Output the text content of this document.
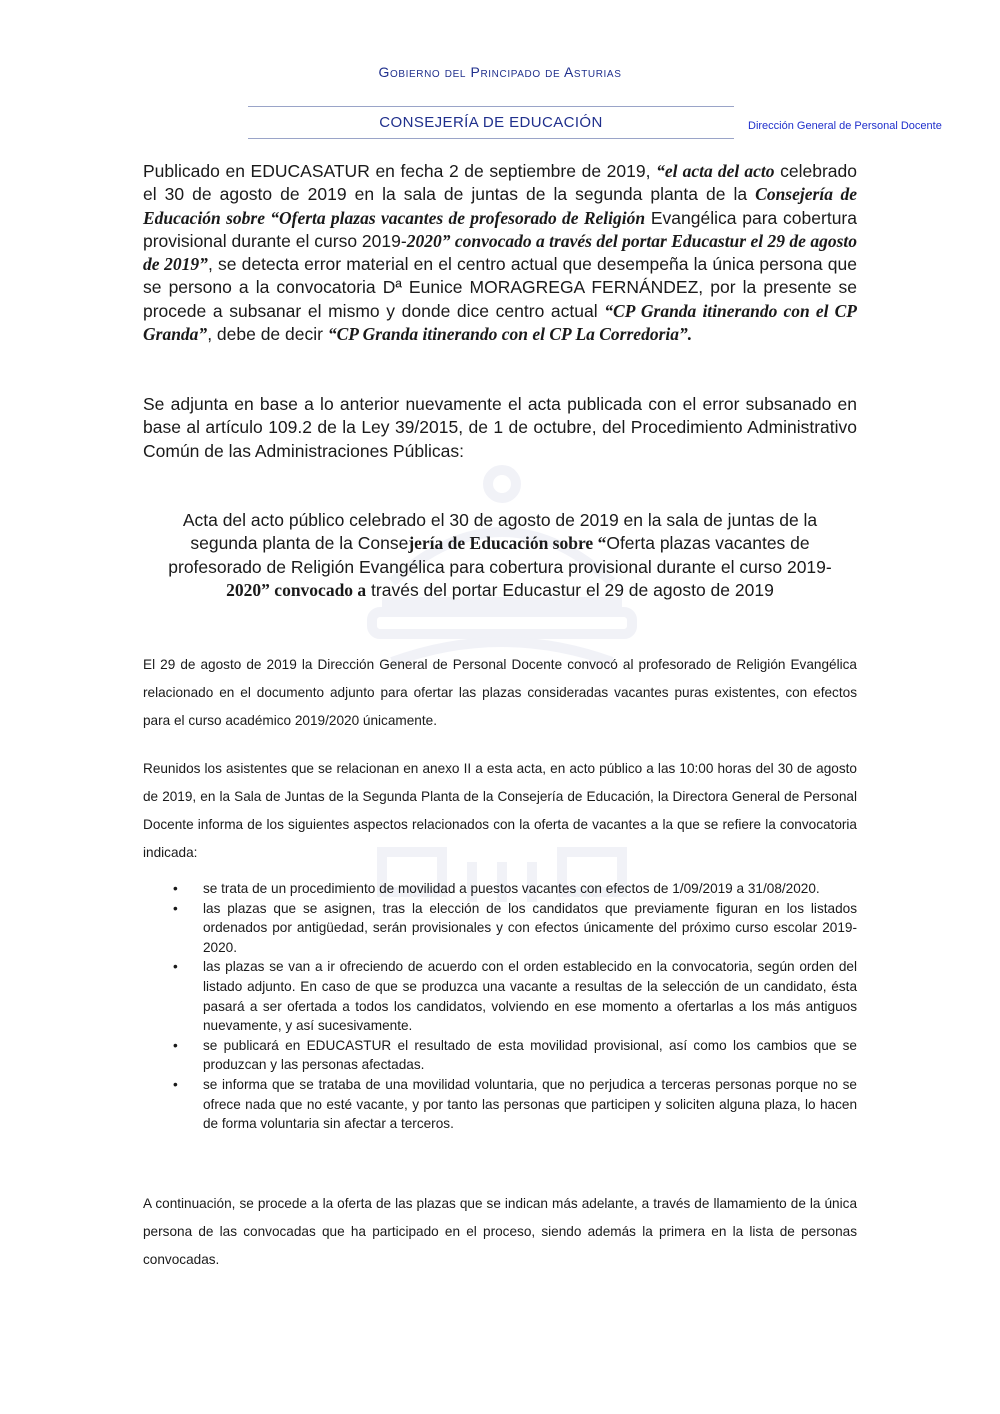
Gobierno del Principado de Asturias
CONSEJERÍA DE EDUCACIÓN	Dirección General de Personal Docente
Publicado en EDUCASATUR en fecha 2 de septiembre de 2019, “el acta del acto celebrado el 30 de agosto de 2019 en la sala de juntas de la segunda planta de la Consejería de Educación sobre “Oferta plazas vacantes de profesorado de Religión Evangélica para cobertura provisional durante el curso 2019-2020” convocado a través del portar Educastur el 29 de agosto de 2019”, se detecta error material en el centro actual que desempeña la única persona que se persono a la convocatoria Dª Eunice MORAGREGA FERNÁNDEZ, por la presente se procede a subsanar el mismo y donde dice centro actual “CP Granda itinerando con el CP Granda”, debe de decir “CP Granda itinerando con el CP La Corredoria”.
Se adjunta en base a lo anterior nuevamente el acta publicada con el error subsanado en base al artículo 109.2 de la Ley 39/2015, de 1 de octubre, del Procedimiento Administrativo Común de las Administraciones Públicas:
Acta del acto público celebrado el 30 de agosto de 2019 en la sala de juntas de la segunda planta de la Consejería de Educación sobre “Oferta plazas vacantes de profesorado de Religión Evangélica para cobertura provisional durante el curso 2019-2020” convocado a través del portar Educastur el 29 de agosto de 2019
El 29 de agosto de 2019 la Dirección General de Personal Docente convocó al profesorado de Religión Evangélica relacionado en el documento adjunto para ofertar las plazas consideradas vacantes puras existentes, con efectos para el curso académico 2019/2020 únicamente.
Reunidos los asistentes que se relacionan en anexo II a esta acta, en acto público a las 10:00 horas del 30 de agosto de 2019, en la Sala de Juntas de la Segunda Planta de la Consejería de Educación, la Directora General de Personal Docente informa de los siguientes aspectos relacionados con la oferta de vacantes a la que se refiere la convocatoria indicada:
• se trata de un procedimiento de movilidad a puestos vacantes con efectos de 1/09/2019 a 31/08/2020.
• las plazas que se asignen, tras la elección de los candidatos que previamente figuran en los listados ordenados por antigüedad, serán provisionales y con efectos únicamente del próximo curso escolar 2019-2020.
• las plazas se van a ir ofreciendo de acuerdo con el orden establecido en la convocatoria, según orden del listado adjunto. En caso de que se produzca una vacante a resultas de la selección de un candidato, ésta pasará a ser ofertada a todos los candidatos, volviendo en ese momento a ofertarlas a los más antiguos nuevamente, y así sucesivamente.
• se publicará en EDUCASTUR el resultado de esta movilidad provisional, así como los cambios que se produzcan y las personas afectadas.
• se informa que se trataba de una movilidad voluntaria, que no perjudica a terceras personas porque no se ofrece nada que no esté vacante, y por tanto las personas que participen y soliciten alguna plaza, lo hacen de forma voluntaria sin afectar a terceros.
A continuación, se procede a la oferta de las plazas que se indican más adelante, a través de llamamiento de la única persona de las convocadas que ha participado en el proceso, siendo además la primera en la lista de personas convocadas.
